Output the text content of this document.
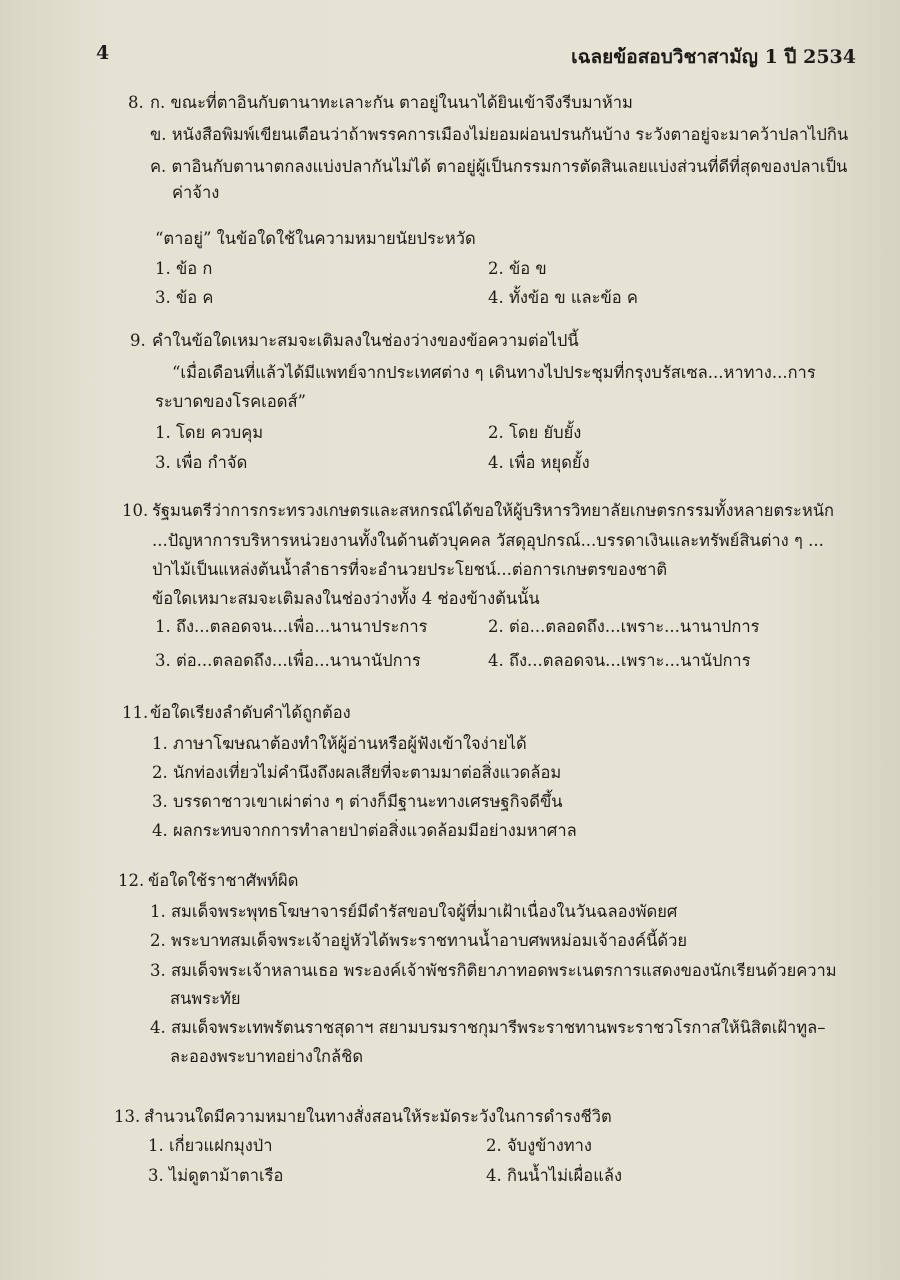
4	เฉลยข้อสอบวิชาสามัญ 1 ปี 2534
8. ก. ขณะที่ตาอินกับตานาทะเลาะกัน ตาอยู่ในนาได้ยินเข้าจึงรีบมาห้าม
ข. หนังสือพิมพ์เขียนเตือนว่าถ้าพรรคการเมืองไม่ยอมผ่อนปรนกันบ้าง ระวังตาอยู่จะมาคว้าปลาไปกิน
ค. ตาอินกับตานาตกลงแบ่งปลากันไม่ได้ ตาอยู่ผู้เป็นกรรมการตัดสินเลยแบ่งส่วนที่ดีที่สุดของปลาเป็น
ค่าจ้าง
“ตาอยู่” ในข้อใดใช้ในความหมายนัยประหวัด
1. ข้อ ก	2. ข้อ ข
3. ข้อ ค	4. ทั้งข้อ ข และข้อ ค
9. คำในข้อใดเหมาะสมจะเติมลงในช่องว่างของข้อความต่อไปนี้
“เมื่อเดือนที่แล้วได้มีแพทย์จากประเทศต่าง ๆ เดินทางไปประชุมที่กรุงบรัสเซล...หาทาง...การ
ระบาดของโรคเอดส์”
1. โดย ควบคุม	2. โดย ยับยั้ง
3. เพื่อ กำจัด	4. เพื่อ หยุดยั้ง
10. รัฐมนตรีว่าการกระทรวงเกษตรและสหกรณ์ได้ขอให้ผู้บริหารวิทยาลัยเกษตรกรรมทั้งหลายตระหนัก
...ปัญหาการบริหารหน่วยงานทั้งในด้านตัวบุคคล วัสดุอุปกรณ์...บรรดาเงินและทรัพย์สินต่าง ๆ ...
ป่าไม้เป็นแหล่งต้นน้ำลำธารที่จะอำนวยประโยชน์...ต่อการเกษตรของชาติ
ข้อใดเหมาะสมจะเติมลงในช่องว่างทั้ง 4 ช่องข้างต้นนั้น
1. ถึง...ตลอดจน...เพื่อ...นานาประการ	2. ต่อ...ตลอดถึง...เพราะ...นานาปการ
3. ต่อ...ตลอดถึง...เพื่อ...นานานัปการ	4. ถึง...ตลอดจน...เพราะ...นานัปการ
11. ข้อใดเรียงลำดับคำได้ถูกต้อง
1. ภาษาโฆษณาต้องทำให้ผู้อ่านหรือผู้ฟังเข้าใจง่ายได้
2. นักท่องเที่ยวไม่คำนึงถึงผลเสียที่จะตามมาต่อสิ่งแวดล้อม
3. บรรดาชาวเขาเผ่าต่าง ๆ ต่างก็มีฐานะทางเศรษฐกิจดีขึ้น
4. ผลกระทบจากการทำลายป่าต่อสิ่งแวดล้อมมีอย่างมหาศาล
12. ข้อใดใช้ราชาศัพท์ผิด
1. สมเด็จพระพุทธโฆษาจารย์มีดำรัสขอบใจผู้ที่มาเฝ้าเนื่องในวันฉลองพัดยศ
2. พระบาทสมเด็จพระเจ้าอยู่หัวได้พระราชทานน้ำอาบศพหม่อมเจ้าองค์นี้ด้วย
3. สมเด็จพระเจ้าหลานเธอ พระองค์เจ้าพัชรกิติยาภาทอดพระเนตรการแสดงของนักเรียนด้วยความ
สนพระทัย
4. สมเด็จพระเทพรัตนราชสุดาฯ สยามบรมราชกุมารีพระราชทานพระราชวโรกาสให้นิสิตเฝ้าทูล–
ละอองพระบาทอย่างใกล้ชิด
13. สำนวนใดมีความหมายในทางสั่งสอนให้ระมัดระวังในการดำรงชีวิต
1. เกี่ยวแฝกมุงป่า	2. จับงูข้างทาง
3. ไม่ดูตาม้าตาเรือ	4. กินน้ำไม่เผื่อแล้ง
